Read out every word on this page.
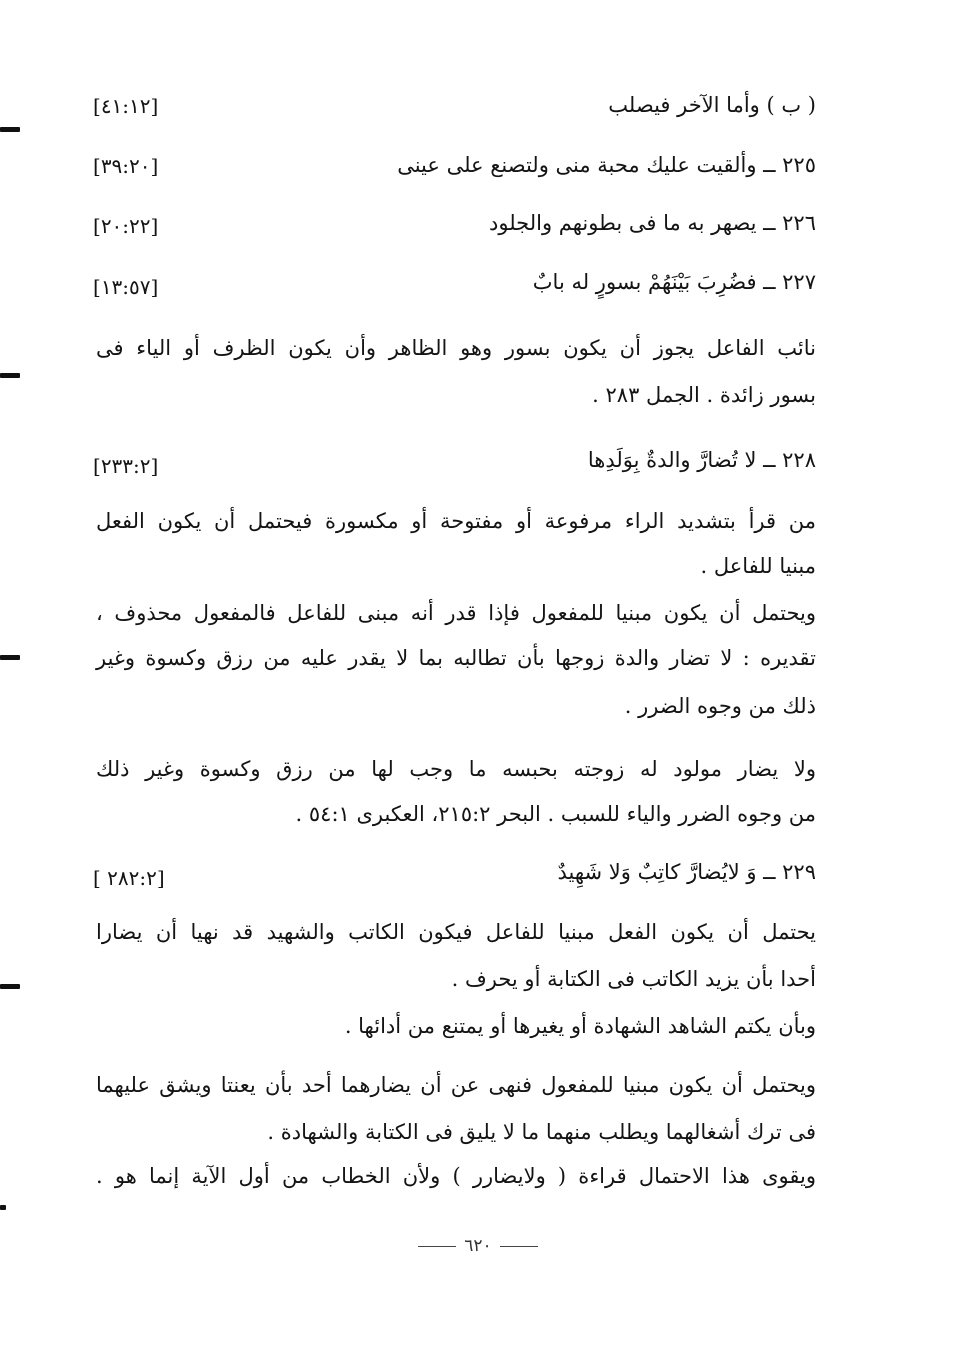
( ب ) وأما الآخر فيصلب
[٤١:١٢]
٢٢٥ ــ وألقيت عليك محبة منى ولتصنع على عينى
[٣٩:٢٠]
٢٢٦ ــ يصهر به ما فى بطونهم والجلود
[٢٠:٢٢]
٢٢٧ ــ فضُرِبَ بَيْنَهُمْ بسورٍ له بابٌ
[١٣:٥٧]
نائب الفاعل يجوز أن يكون بسور وهو الظاهر وأن يكون الظرف أو الياء فى
بسور زائدة . الجمل ٢٨٣ .
٢٢٨ ــ لا تُضارَّ والدةٌ بِوَلَدِها
[٢٣٣:٢]
من قرأ بتشديد الراء مرفوعة أو مفتوحة أو مكسورة فيحتمل أن يكون الفعل
مبنيا للفاعل .
ويحتمل أن يكون مبنيا للمفعول فإذا قدر أنه مبنى للفاعل فالمفعول محذوف ،
تقديره : لا تضار والدة زوجها بأن تطالبه بما لا يقدر عليه من رزق وكسوة وغير
ذلك من وجوه الضرر .
ولا يضار مولود له زوجته بحبسه ما وجب لها من رزق وكسوة وغير ذلك
من وجوه الضرر والياء للسبب . البحر ٢١٥:٢، العكبرى ٥٤:١ .
٢٢٩ ــ وَ لايُضارَّ كاتِبٌ وَلا شَهِيدٌ
[ ٢٨٢:٢]
يحتمل أن يكون الفعل مبنيا للفاعل فيكون الكاتب والشهيد قد نهيا أن يضارا
أحدا بأن يزيد الكاتب فى الكتابة أو يحرف .
وبأن يكتم الشاهد الشهادة أو يغيرها أو يمتنع من أدائها .
ويحتمل أن يكون مبنيا للمفعول فنهى عن أن يضارهما أحد بأن يعنتا ويشق عليهما
فى ترك أشغالهما ويطلب منهما ما لا يليق فى الكتابة والشهادة .
ويقوى هذا الاحتمال قراءة ( ولايضارر ) ولأن الخطاب من أول الآية إنما هو .
٦٢٠
